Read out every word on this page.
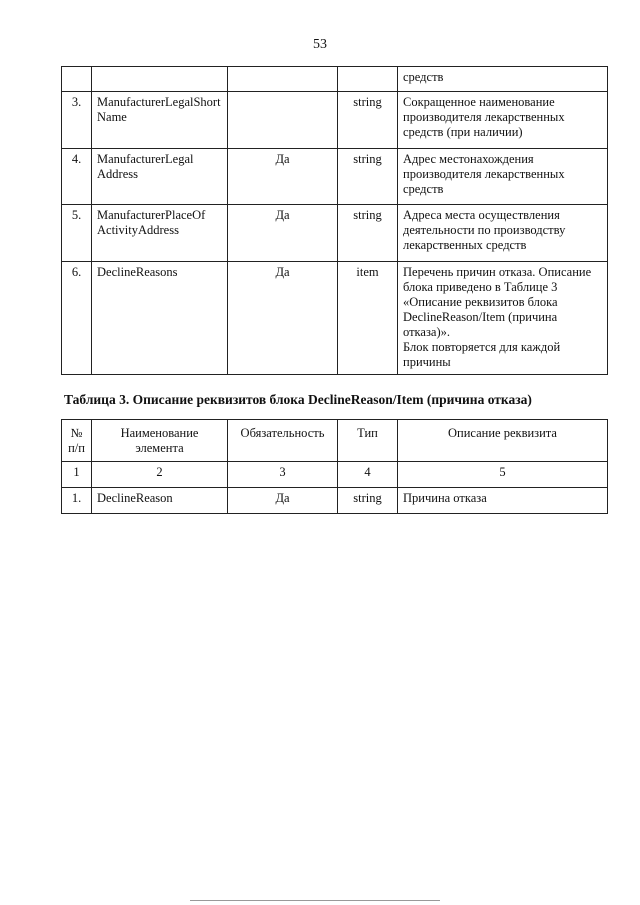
53
				средств
3.	ManufacturerLegalShort Name		string	Сокращенное наименование производителя лекарственных средств (при наличии)
4.	ManufacturerLegal Address	Да	string	Адрес местонахождения производителя лекарственных средств
5.	ManufacturerPlaceOf ActivityAddress	Да	string	Адреса места осуществления деятельности по производству лекарственных средств
6.	DeclineReasons	Да	item	Перечень причин отказа. Описание блока приведено в Таблице 3 «Описание реквизитов блока DeclineReason/Item (причина отказа)».
Блок повторяется для каждой причины
Таблица 3. Описание реквизитов блока DeclineReason/Item (причина отказа)
№ п/п	Наименование элемента	Обязательность	Тип	Описание реквизита
1	2	3	4	5
1.	DeclineReason	Да	string	Причина отказа
